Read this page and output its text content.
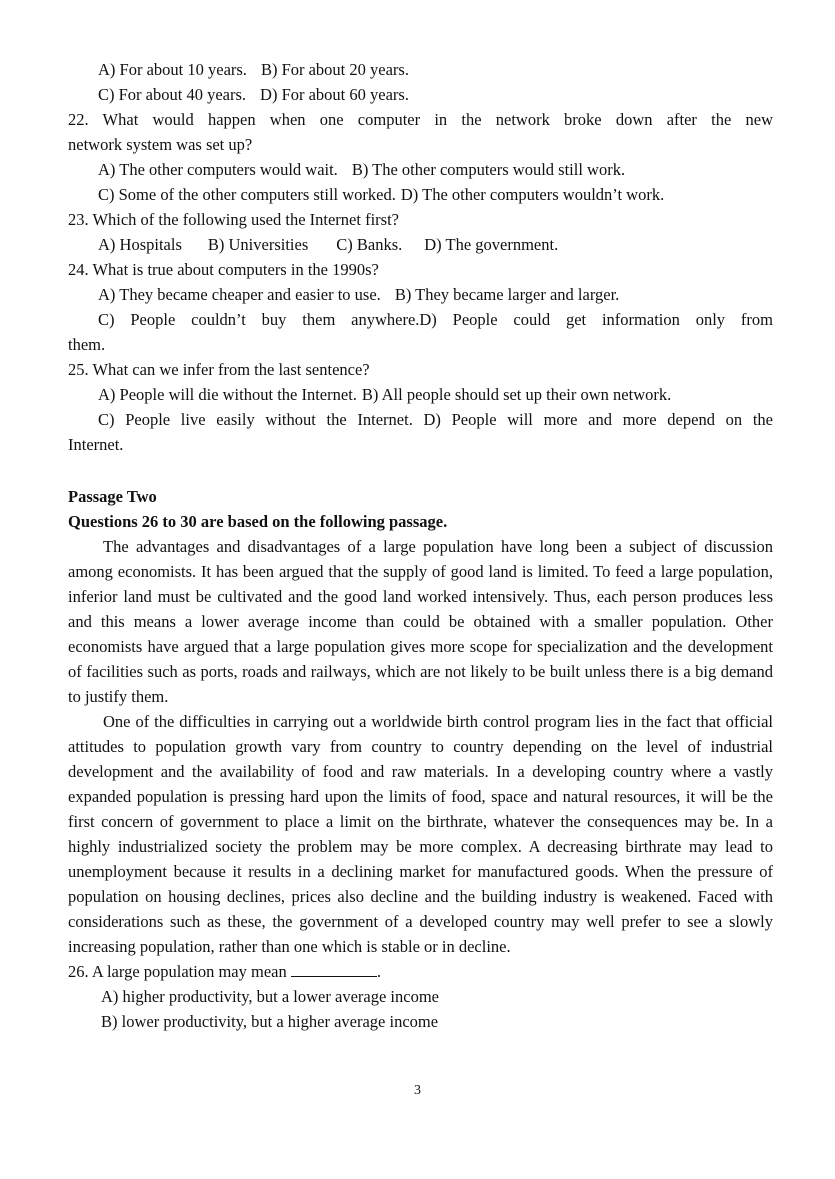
A) For about 10 years. B) For about 20 years.
C) For about 40 years. D) For about 60 years.
22. What would happen when one computer in the network broke down after the new
network system was set up?
A) The other computers would wait. B) The other computers would still work.
C) Some of the other computers still worked. D) The other computers wouldn’t work.
23. Which of the following used the Internet first?
A) Hospitals B) Universities C) Banks. D) The government.
24. What is true about computers in the 1990s?
A) They became cheaper and easier to use. B) They became larger and larger.
C) People couldn’t buy them anywhere.D) People could get information only from
them.
25. What can we infer from the last sentence?
A) People will die without the Internet. B) All people should set up their own network.
C) People live easily without the Internet. D) People will more and more depend on the
Internet.
Passage Two
Questions 26 to 30 are based on the following passage.

The advantages and disadvantages of a large population have long been a subject of discussion among economists. It has been argued that the supply of good land is limited. To feed a large population, inferior land must be cultivated and the good land worked intensively. Thus, each person produces less and this means a lower average income than could be obtained with a smaller population. Other economists have argued that a large population gives more scope for specialization and the development of facilities such as ports, roads and railways, which are not likely to be built unless there is a big demand to justify them.

One of the difficulties in carrying out a worldwide birth control program lies in the fact that official attitudes to population growth vary from country to country depending on the level of industrial development and the availability of food and raw materials. In a developing country where a vastly expanded population is pressing hard upon the limits of food, space and natural resources, it will be the first concern of government to place a limit on the birthrate, whatever the consequences may be. In a highly industrialized society the problem may be more complex. A decreasing birthrate may lead to unemployment because it results in a declining market for manufactured goods. When the pressure of population on housing declines, prices also decline and the building industry is weakened. Faced with considerations such as these, the government of a developed country may well prefer to see a slowly increasing population, rather than one which is stable or in decline.

26. A large population may mean	.
A) higher productivity, but a lower average income
B) lower productivity, but a higher average income
3
